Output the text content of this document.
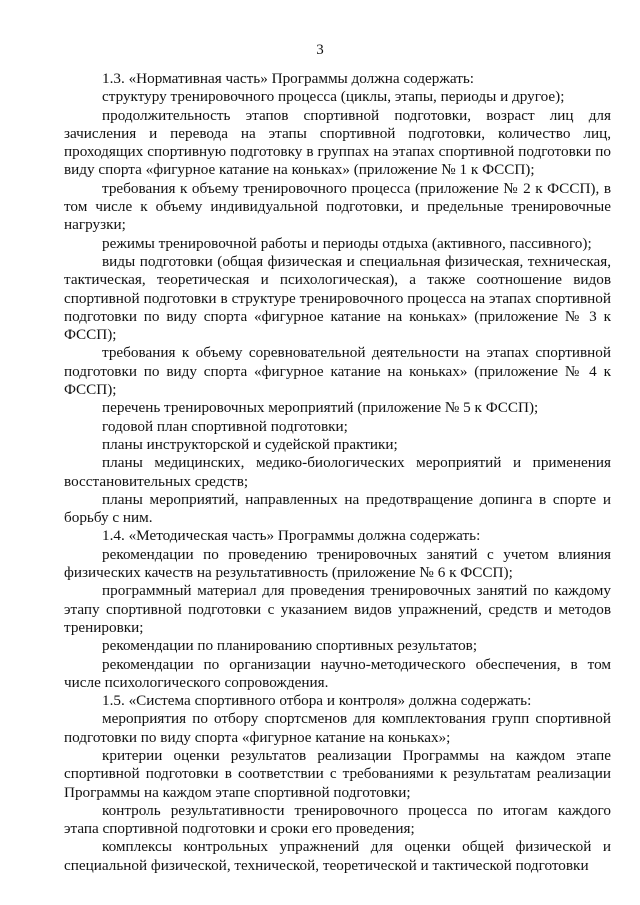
3

1.3. «Нормативная часть» Программы должна содержать:

структуру тренировочного процесса (циклы, этапы, периоды и другое);

продолжительность этапов спортивной подготовки, возраст лиц для зачисления и перевода на этапы спортивной подготовки, количество лиц, проходящих спортивную подготовку в группах на этапах спортивной подготовки по виду спорта «фигурное катание на коньках» (приложение № 1 к ФССП);

требования к объему тренировочного процесса (приложение № 2 к ФССП), в том числе к объему индивидуальной подготовки, и предельные тренировочные нагрузки;

режимы тренировочной работы и периоды отдыха (активного, пассивного);

виды подготовки (общая физическая и специальная физическая, техническая, тактическая, теоретическая и психологическая), а также соотношение видов спортивной подготовки в структуре тренировочного процесса на этапах спортивной подготовки по виду спорта «фигурное катание на коньках» (приложение № 3 к ФССП);

требования к объему соревновательной деятельности на этапах спортивной подготовки по виду спорта «фигурное катание на коньках» (приложение № 4 к ФССП);

перечень тренировочных мероприятий (приложение № 5 к ФССП);

годовой план спортивной подготовки;

планы инструкторской и судейской практики;

планы медицинских, медико-биологических мероприятий и применения восстановительных средств;

планы мероприятий, направленных на предотвращение допинга в спорте и борьбу с ним.

1.4. «Методическая часть» Программы должна содержать:

рекомендации по проведению тренировочных занятий с учетом влияния физических качеств на результативность (приложение № 6 к ФССП);

программный материал для проведения тренировочных занятий по каждому этапу спортивной подготовки с указанием видов упражнений, средств и методов тренировки;

рекомендации по планированию спортивных результатов;

рекомендации по организации научно-методического обеспечения, в том числе психологического сопровождения.

1.5. «Система спортивного отбора и контроля» должна содержать:

мероприятия по отбору спортсменов для комплектования групп спортивной подготовки по виду спорта «фигурное катание на коньках»;

критерии оценки результатов реализации Программы на каждом этапе спортивной подготовки в соответствии с требованиями к результатам реализации Программы на каждом этапе спортивной подготовки;

контроль результативности тренировочного процесса по итогам каждого этапа спортивной подготовки и сроки его проведения;

комплексы контрольных упражнений для оценки общей физической и специальной физической, технической, теоретической и тактической подготовки
